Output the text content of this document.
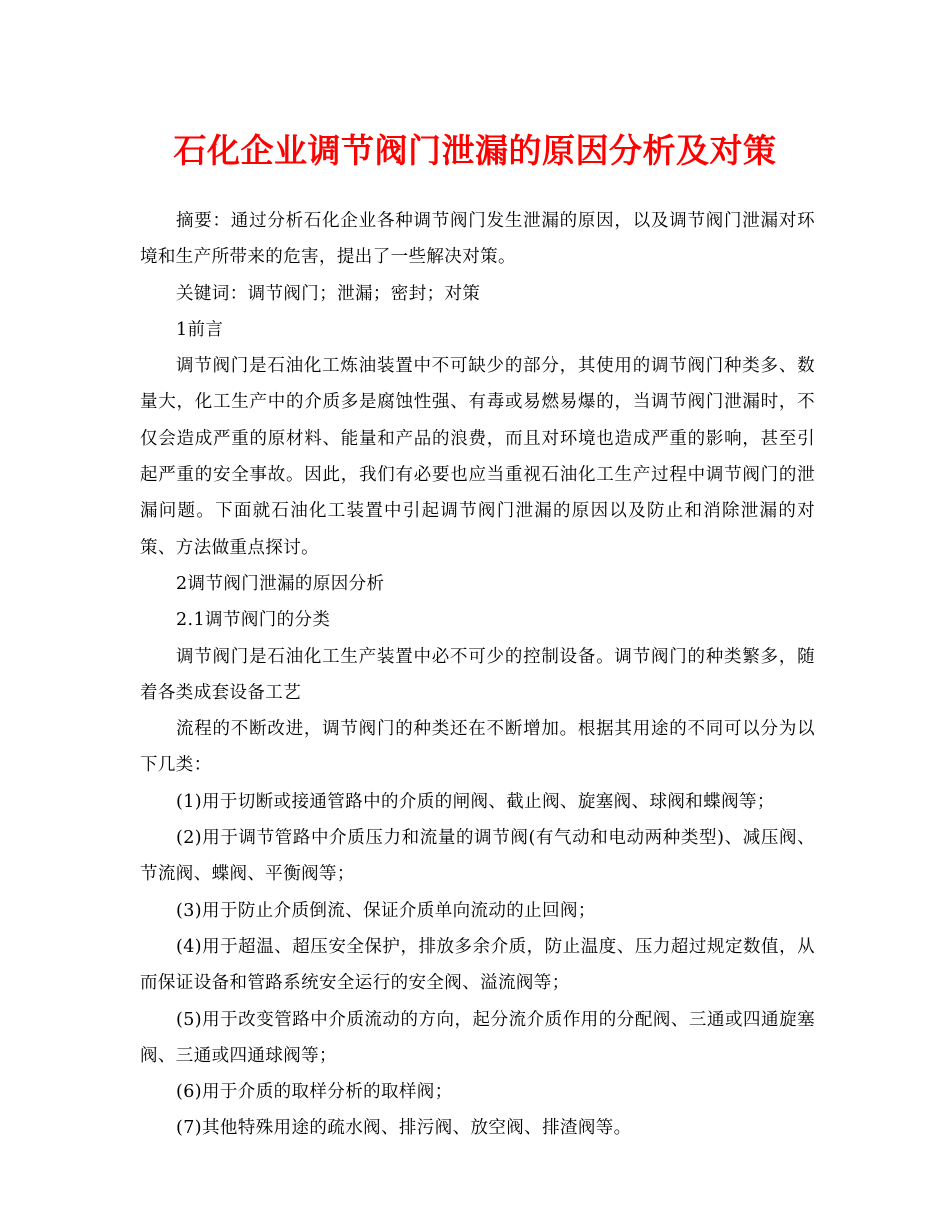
石化企业调节阀门泄漏的原因分析及对策

摘要：通过分析石化企业各种调节阀门发生泄漏的原因，以及调节阀门泄漏对环境和生产所带来的危害，提出了一些解决对策。

关键词：调节阀门；泄漏；密封；对策

1前言

调节阀门是石油化工炼油装置中不可缺少的部分，其使用的调节阀门种类多、数量大，化工生产中的介质多是腐蚀性强、有毒或易燃易爆的，当调节阀门泄漏时，不仅会造成严重的原材料、能量和产品的浪费，而且对环境也造成严重的影响，甚至引起严重的安全事故。因此，我们有必要也应当重视石油化工生产过程中调节阀门的泄漏问题。下面就石油化工装置中引起调节阀门泄漏的原因以及防止和消除泄漏的对策、方法做重点探讨。

2调节阀门泄漏的原因分析

2.1调节阀门的分类

调节阀门是石油化工生产装置中必不可少的控制设备。调节阀门的种类繁多，随着各类成套设备工艺

流程的不断改进，调节阀门的种类还在不断增加。根据其用途的不同可以分为以下几类：

(1)用于切断或接通管路中的介质的闸阀、截止阀、旋塞阀、球阀和蝶阀等；

(2)用于调节管路中介质压力和流量的调节阀(有气动和电动两种类型)、减压阀、节流阀、蝶阀、平衡阀等；

(3)用于防止介质倒流、保证介质单向流动的止回阀；

(4)用于超温、超压安全保护，排放多余介质，防止温度、压力超过规定数值，从而保证设备和管路系统安全运行的安全阀、溢流阀等；

(5)用于改变管路中介质流动的方向，起分流介质作用的分配阀、三通或四通旋塞阀、三通或四通球阀等；

(6)用于介质的取样分析的取样阀；

(7)其他特殊用途的疏水阀、排污阀、放空阀、排渣阀等。
